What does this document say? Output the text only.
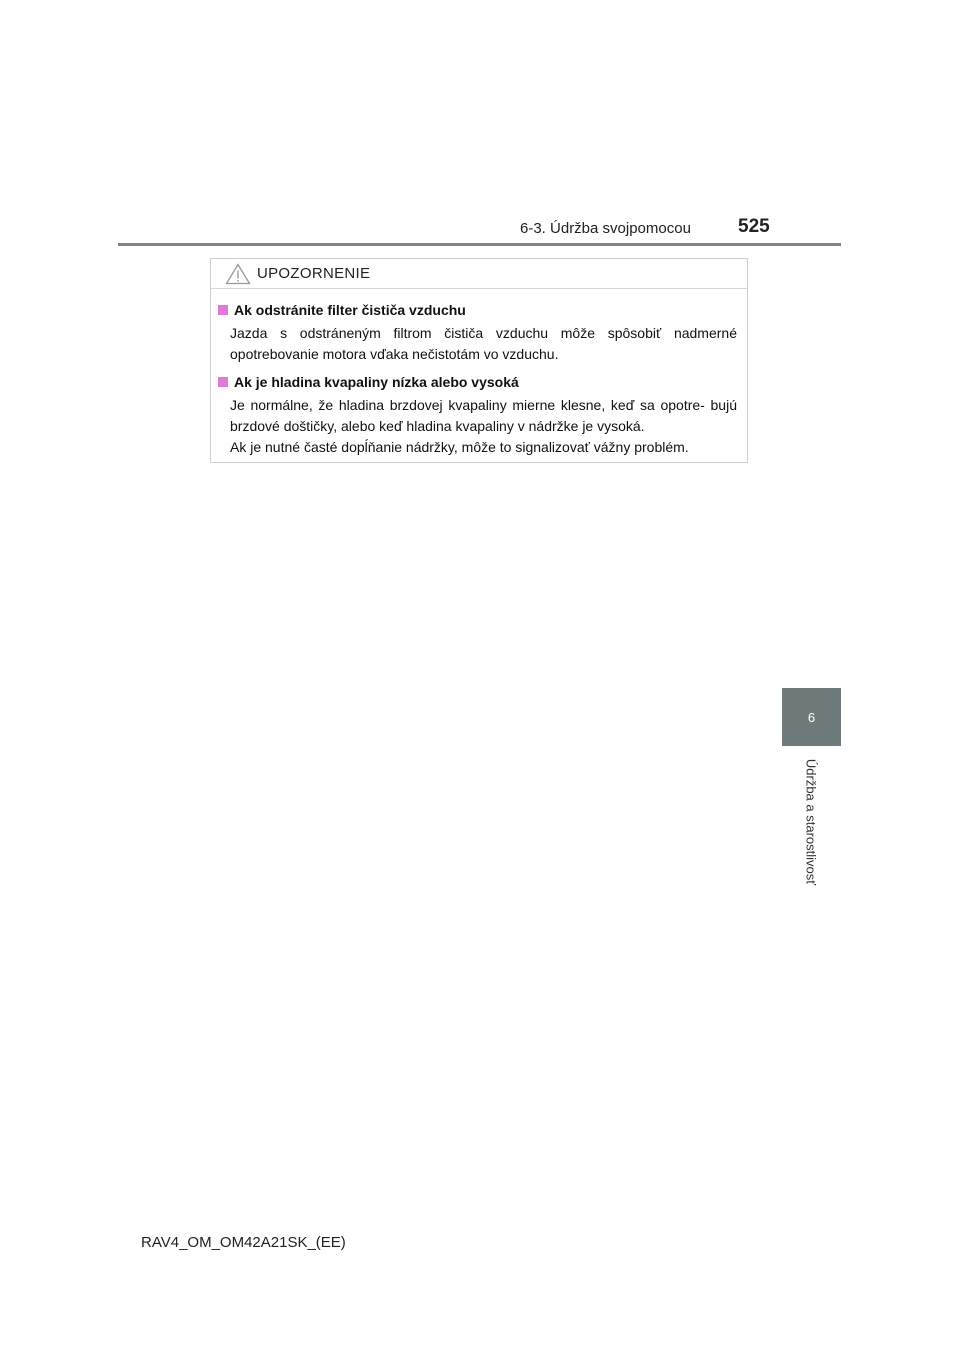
6-3. Údržba svojpomocou 525
6
Údržba a starostlivosť
UPOZORNENIE
Ak odstránite filter čističa vzduchu

Jazda s odstráneným filtrom čističa vzduchu môže spôsobiť nadmerné opotrebovanie motora vďaka nečistotám vo vzduchu.

Ak je hladina kvapaliny nízka alebo vysoká

Je normálne, že hladina brzdovej kvapaliny mierne klesne, keď sa opotre- bujú brzdové doštičky, alebo keď hladina kvapaliny v nádržke je vysoká.

Ak je nutné časté dopĺňanie nádržky, môže to signalizovať vážny problém.

RAV4_OM_OM42A21SK_(EE)
